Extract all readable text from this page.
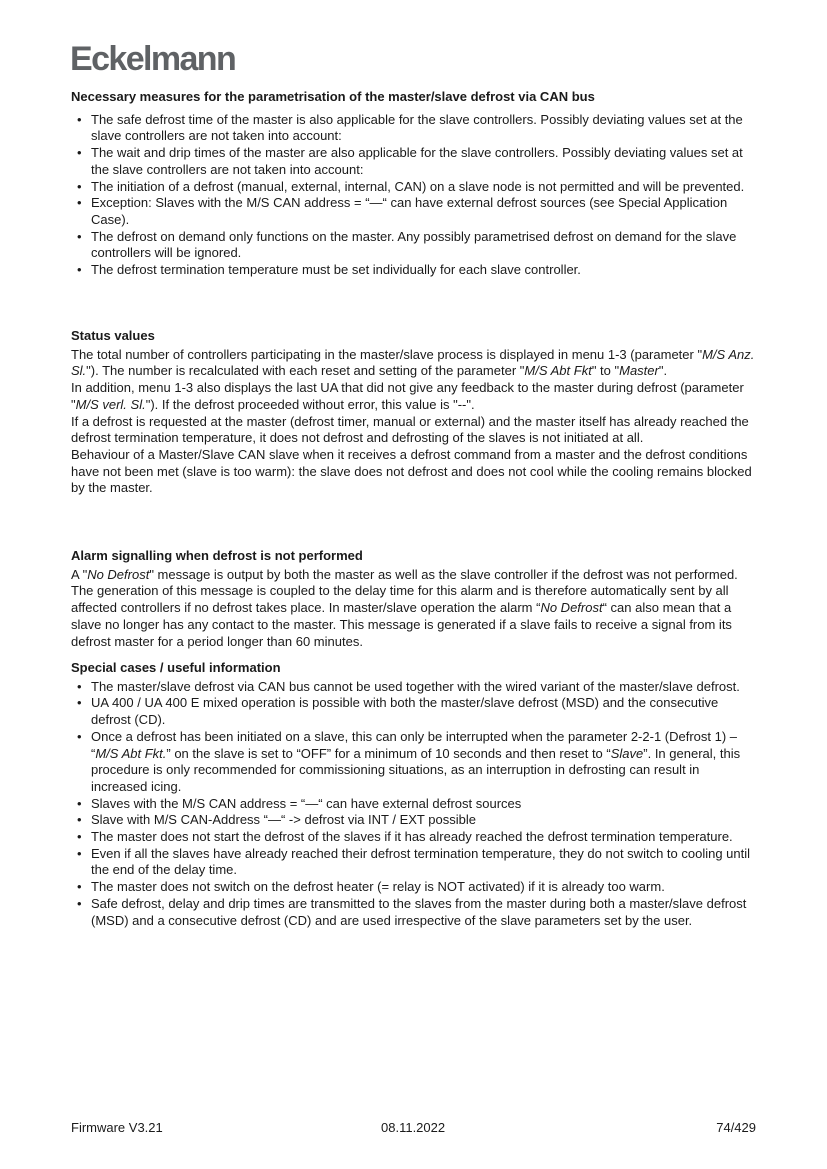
Eckelmann
Necessary measures for the parametrisation of the master/slave defrost via CAN bus
• The safe defrost time of the master is also applicable for the slave controllers. Possibly deviating values set at the slave controllers are not taken into account:
• The wait and drip times of the master are also applicable for the slave controllers. Possibly deviating values set at the slave controllers are not taken into account:
• The initiation of a defrost (manual, external, internal, CAN) on a slave node is not permitted and will be prevented.
• Exception: Slaves with the M/S CAN address = “—“ can have external defrost sources (see Special Application Case).
• The defrost on demand only functions on the master. Any possibly parametrised defrost on demand for the slave controllers will be ignored.
• The defrost termination temperature must be set individually for each slave controller.
Status values

The total number of controllers participating in the master/slave process is displayed in menu 1-3 (parameter "M/S Anz. Sl."). The number is recalculated with each reset and setting of the parameter "M/S Abt Fkt" to "Master".

In addition, menu 1-3 also displays the last UA that did not give any feedback to the master during defrost (parameter "M/S verl. Sl."). If the defrost proceeded without error, this value is "--".

If a defrost is requested at the master (defrost timer, manual or external) and the master itself has already reached the defrost termination temperature, it does not defrost and defrosting of the slaves is not initiated at all.

Behaviour of a Master/Slave CAN slave when it receives a defrost command from a master and the defrost conditions have not been met (slave is too warm): the slave does not defrost and does not cool while the cooling remains blocked by the master.

Alarm signalling when defrost is not performed

A "No Defrost" message is output by both the master as well as the slave controller if the defrost was not performed. The generation of this message is coupled to the delay time for this alarm and is therefore automatically sent by all affected controllers if no defrost takes place. In master/slave operation the alarm “No Defrost“ can also mean that a slave no longer has any contact to the master. This message is generated if a slave fails to receive a signal from its defrost master for a period longer than 60 minutes.

Special cases / useful information
• The master/slave defrost via CAN bus cannot be used together with the wired variant of the master/slave defrost.
• UA 400 / UA 400 E mixed operation is possible with both the master/slave defrost (MSD) and the consecutive defrost (CD).
• Once a defrost has been initiated on a slave, this can only be interrupted when the parameter 2-2-1 (Defrost 1) – “M/S Abt Fkt.” on the slave is set to “OFF” for a minimum of 10 seconds and then reset to “Slave”. In general, this procedure is only recommended for commissioning situations, as an interruption in defrosting can result in increased icing.
• Slaves with the M/S CAN address = “—“ can have external defrost sources
• Slave with M/S CAN-Address “—“ -> defrost via INT / EXT possible
• The master does not start the defrost of the slaves if it has already reached the defrost termination temperature.
• Even if all the slaves have already reached their defrost termination temperature, they do not switch to cooling until the end of the delay time.
• The master does not switch on the defrost heater (= relay is NOT activated) if it is already too warm.
• Safe defrost, delay and drip times are transmitted to the slaves from the master during both a master/slave defrost (MSD) and a consecutive defrost (CD) and are used irrespective of the slave parameters set by the user.
Firmware V3.21	08.11.2022	74/429
